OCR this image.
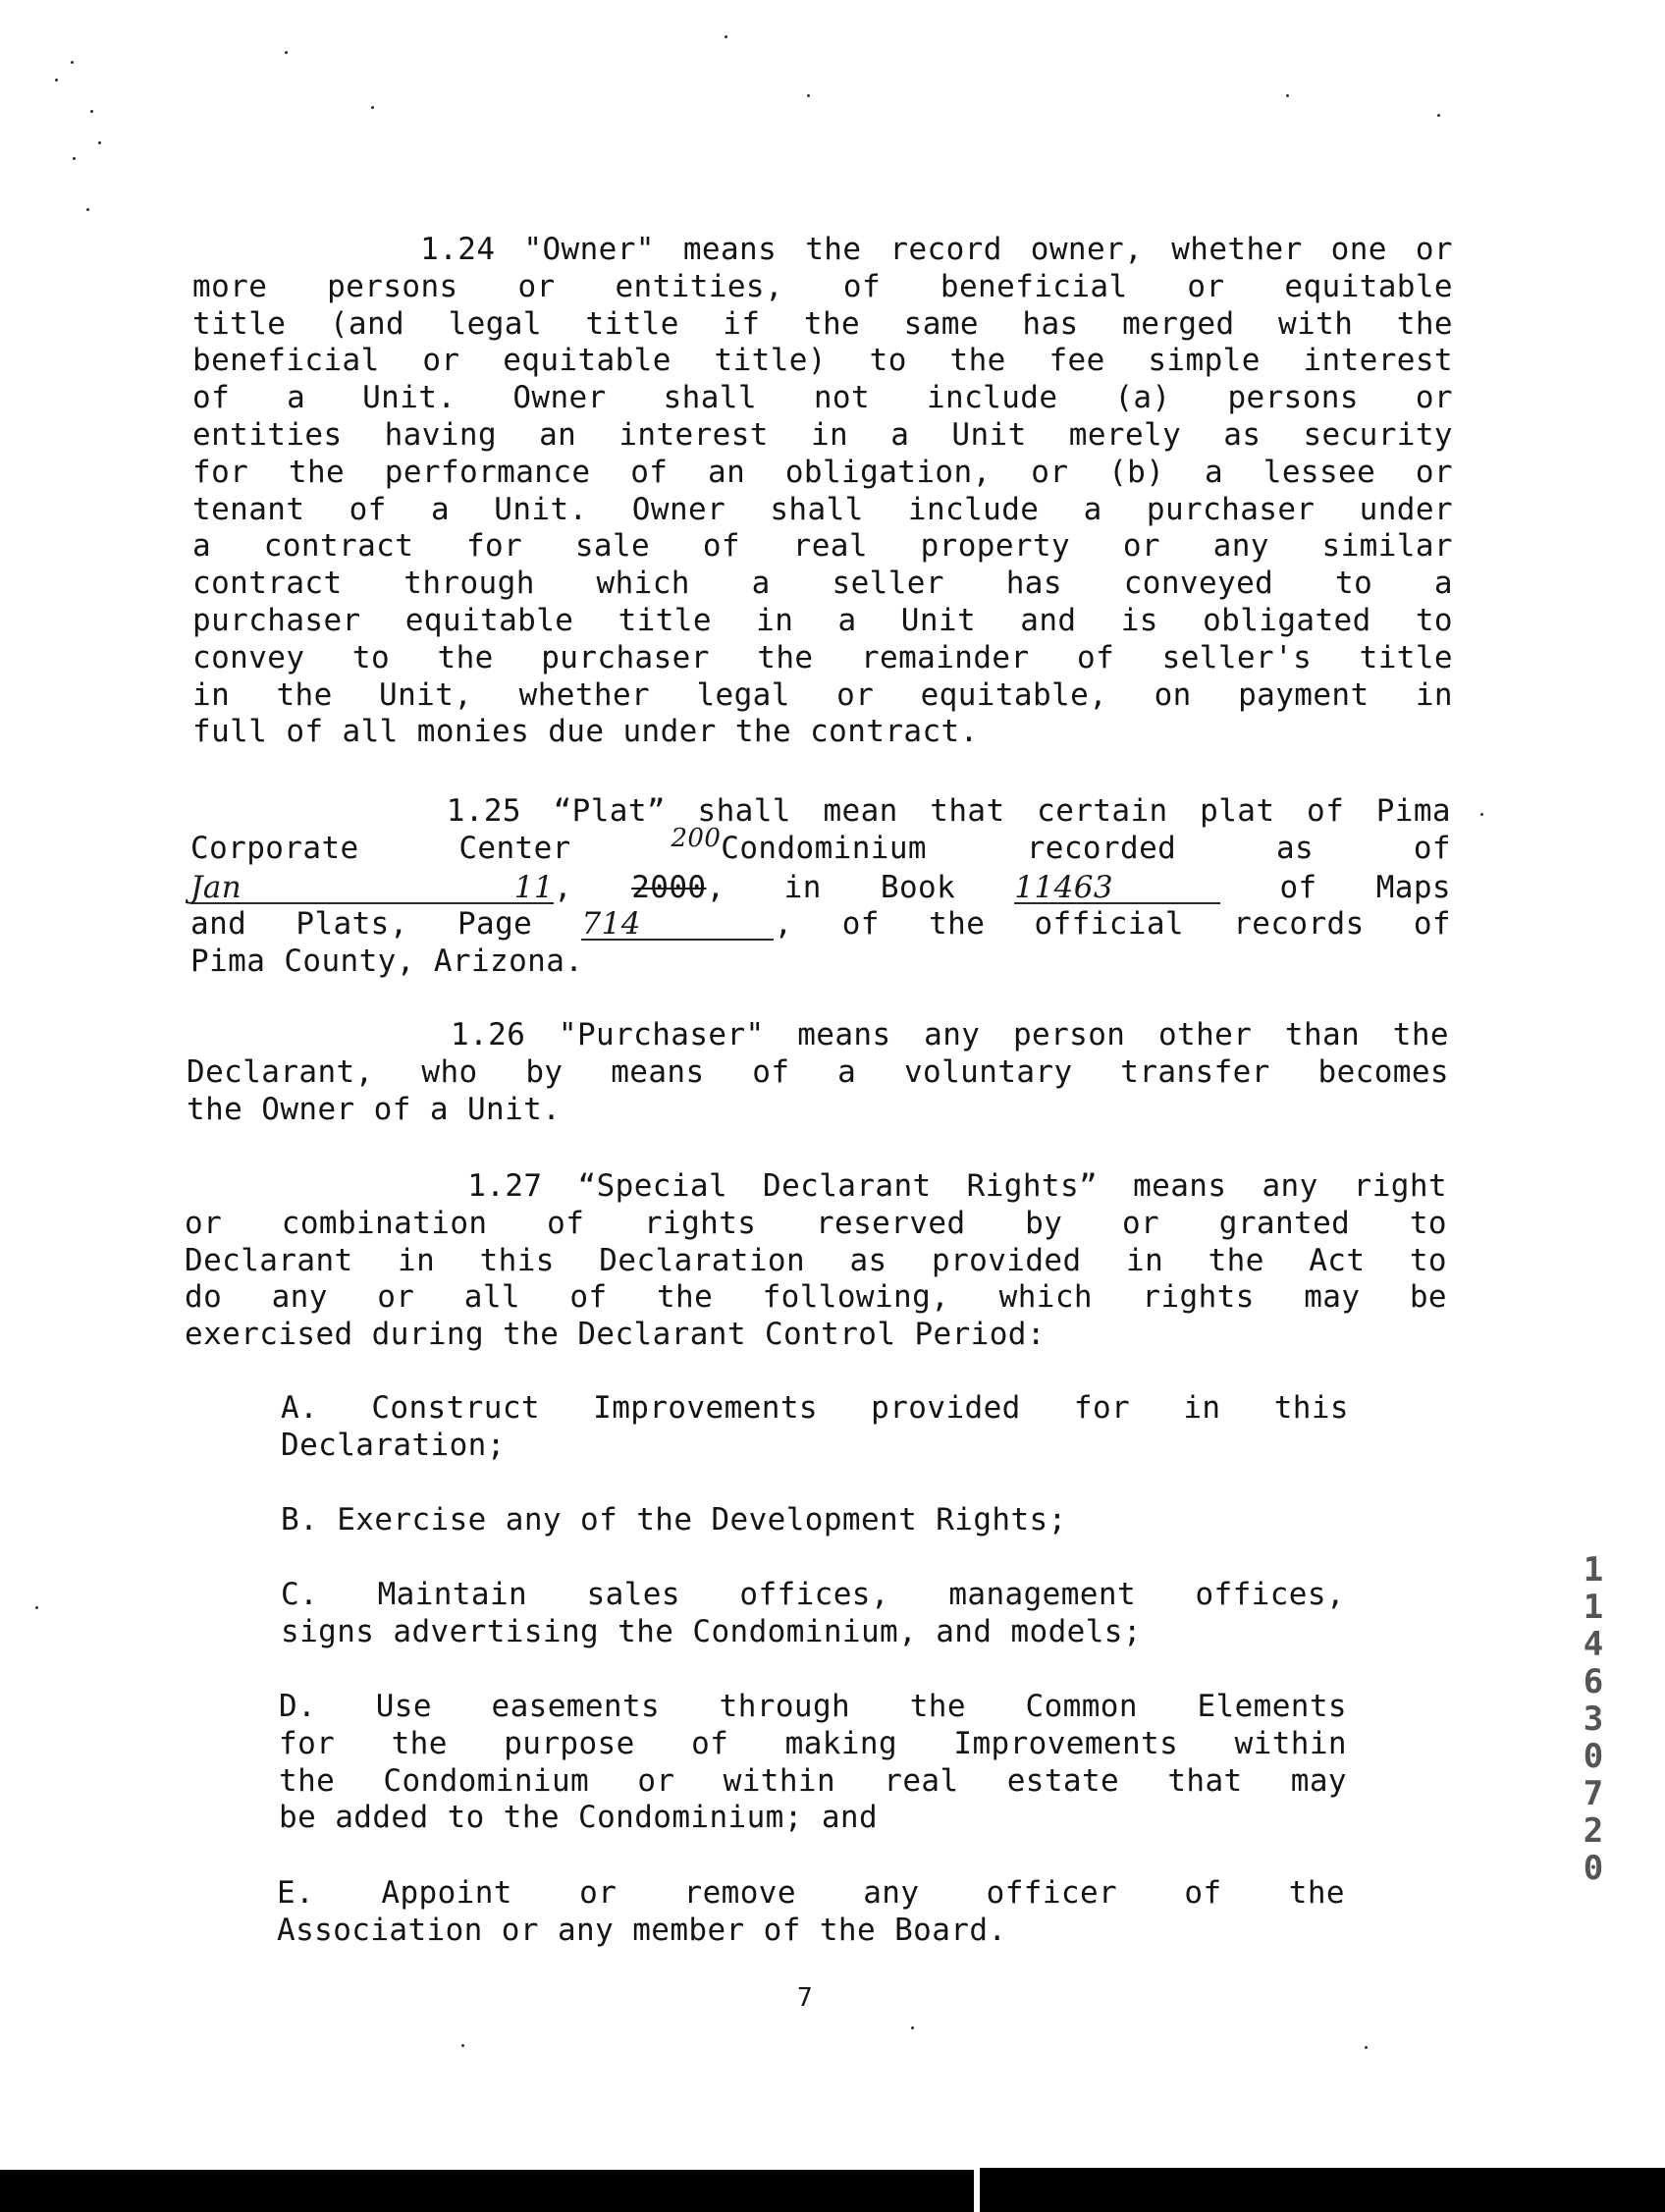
1.24 "Owner" means the record owner, whether one or
more persons or entities, of beneficial or equitable
title (and legal title if the same has merged with the
beneficial or equitable title) to the fee simple interest
of a Unit. Owner shall not include (a) persons or
entities having an interest in a Unit merely as security
for the performance of an obligation, or (b) a lessee or
tenant of a Unit. Owner shall include a purchaser under
a contract for sale of real property or any similar
contract through which a seller has conveyed to a
purchaser equitable title in a Unit and is obligated to
convey to the purchaser the remainder of seller's title
in the Unit, whether legal or equitable, on payment in
full of all monies due under the contract.
1.25 “Plat” shall mean that certain plat of Pima
Corporate Center	$^{200}$Condominium recorded as of
Jan 11, 2000, in Book 11463	of Maps
and Plats, Page 714	, of the official records of
Pima County, Arizona.
1.26 "Purchaser" means any person other than the
Declarant, who by means of a voluntary transfer becomes
the Owner of a Unit.
1.27 “Special Declarant Rights” means any right
or combination of rights reserved by or granted to
Declarant in this Declaration as provided in the Act to
do any or all of the following, which rights may be
exercised during the Declarant Control Period:
A. Construct Improvements provided for in this
Declaration;
B. Exercise any of the Development Rights;
C. Maintain sales offices, management offices,
signs advertising the Condominium, and models;
D. Use easements through the Common Elements
for the purpose of making Improvements within
the Condominium or within real estate that may
be added to the Condominium; and
E. Appoint or remove any officer of the
Association or any member of the Board.
7
1
1
4
6
3
0
7
2
0
